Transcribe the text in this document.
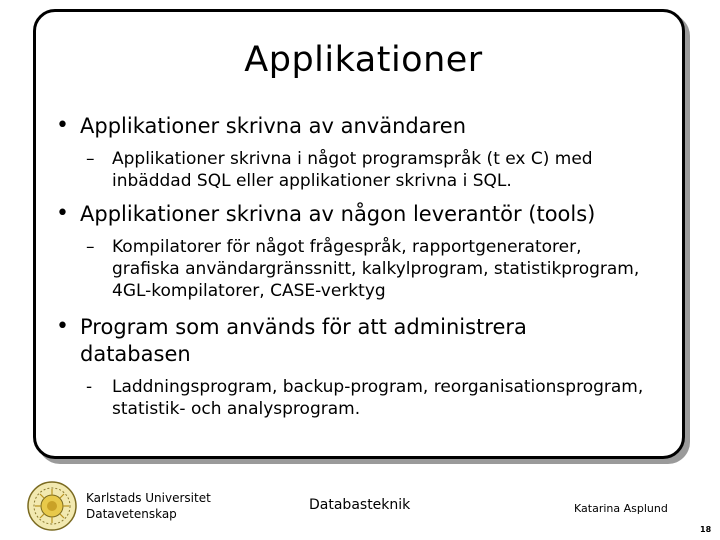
Applikationer
• Applikationer skrivna av användaren
– Applikationer skrivna i något programspråk (t ex C) med inbäddad SQL eller applikationer skrivna i SQL.
• Applikationer skrivna av någon leverantör (tools)
– Kompilatorer för något frågespråk, rapportgeneratorer, grafiska användargränssnitt, kalkylprogram, statistikprogram, 4GL-kompilatorer, CASE-verktyg
• Program som används för att administrera databasen
- Laddningsprogram, backup-program, reorganisationsprogram, statistik- och analysprogram.
Karlstads Universitet
Datavetenskap
Databasteknik	Katarina Asplund
18
